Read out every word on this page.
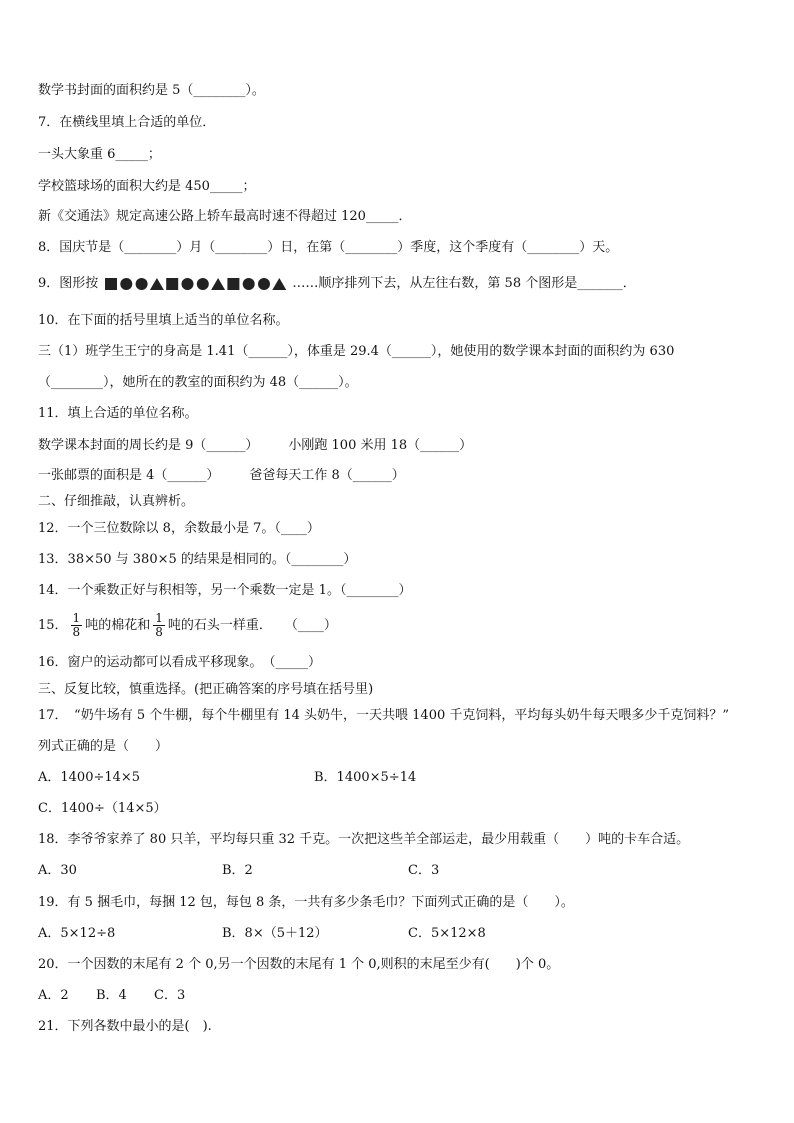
数学书封面的面积约是 5（________）。
7．在横线里填上合适的单位．
一头大象重 6_____；
学校篮球场的面积大约是 450_____；
新《交通法》规定高速公路上轿车最高时速不得超过 120_____．
8．国庆节是（________）月（________）日，在第（________）季度，这个季度有（________）天。
9．图形按	……顺序排列下去，从左往右数，第 58 个图形是_______．
10．在下面的括号里填上适当的单位名称。
三（1）班学生王宁的身高是 1.41（______），体重是 29.4（______），她使用的数学课本封面的面积约为 630
（________），她所在的教室的面积约为 48（______）。
11．填上合适的单位名称。
数学课本封面的周长约是 9（______） 小刚跑 100 米用 18（______）
一张邮票的面积是 4（______） 爸爸每天工作 8（______）
二、仔细推敲，认真辨析。
12．一个三位数除以 8，余数最小是 7。（____）
13．38×50 与 380×5 的结果是相同的。（________）
14．一个乘数正好与积相等，另一个乘数一定是 1。（________）
15． $\frac{1}{8}$ 吨的棉花和 $\frac{1}{8}$ 吨的石头一样重．　　（____）
16．窗户的运动都可以看成平移现象。　（_____）
三、反复比较，慎重选择。(把正确答案的序号填在括号里)
17．　“奶牛场有 5 个牛棚，每个牛棚里有 14 头奶牛，一天共喂 1400 千克饲料，平均每头奶牛每天喂多少千克饲料？”
列式正确的是（　　）
A．1400÷14×5	B．1400×5÷14
C．1400÷（14×5）
18．李爷爷家养了 80 只羊，平均每只重 32 千克。一次把这些羊全部运走，最少用载重（　　）吨的卡车合适。
A．30	B．2	C．3
19．有 5 捆毛巾，每捆 12 包，每包 8 条，一共有多少条毛巾？下面列式正确的是（　　）。
A．5×12÷8	B．8×（5＋12）	C．5×12×8
20．一个因数的末尾有 2 个 0,另一个因数的末尾有 1 个 0,则积的末尾至少有(　　)个 0。
A．2 B．4 C．3
21．下列各数中最小的是(　).
